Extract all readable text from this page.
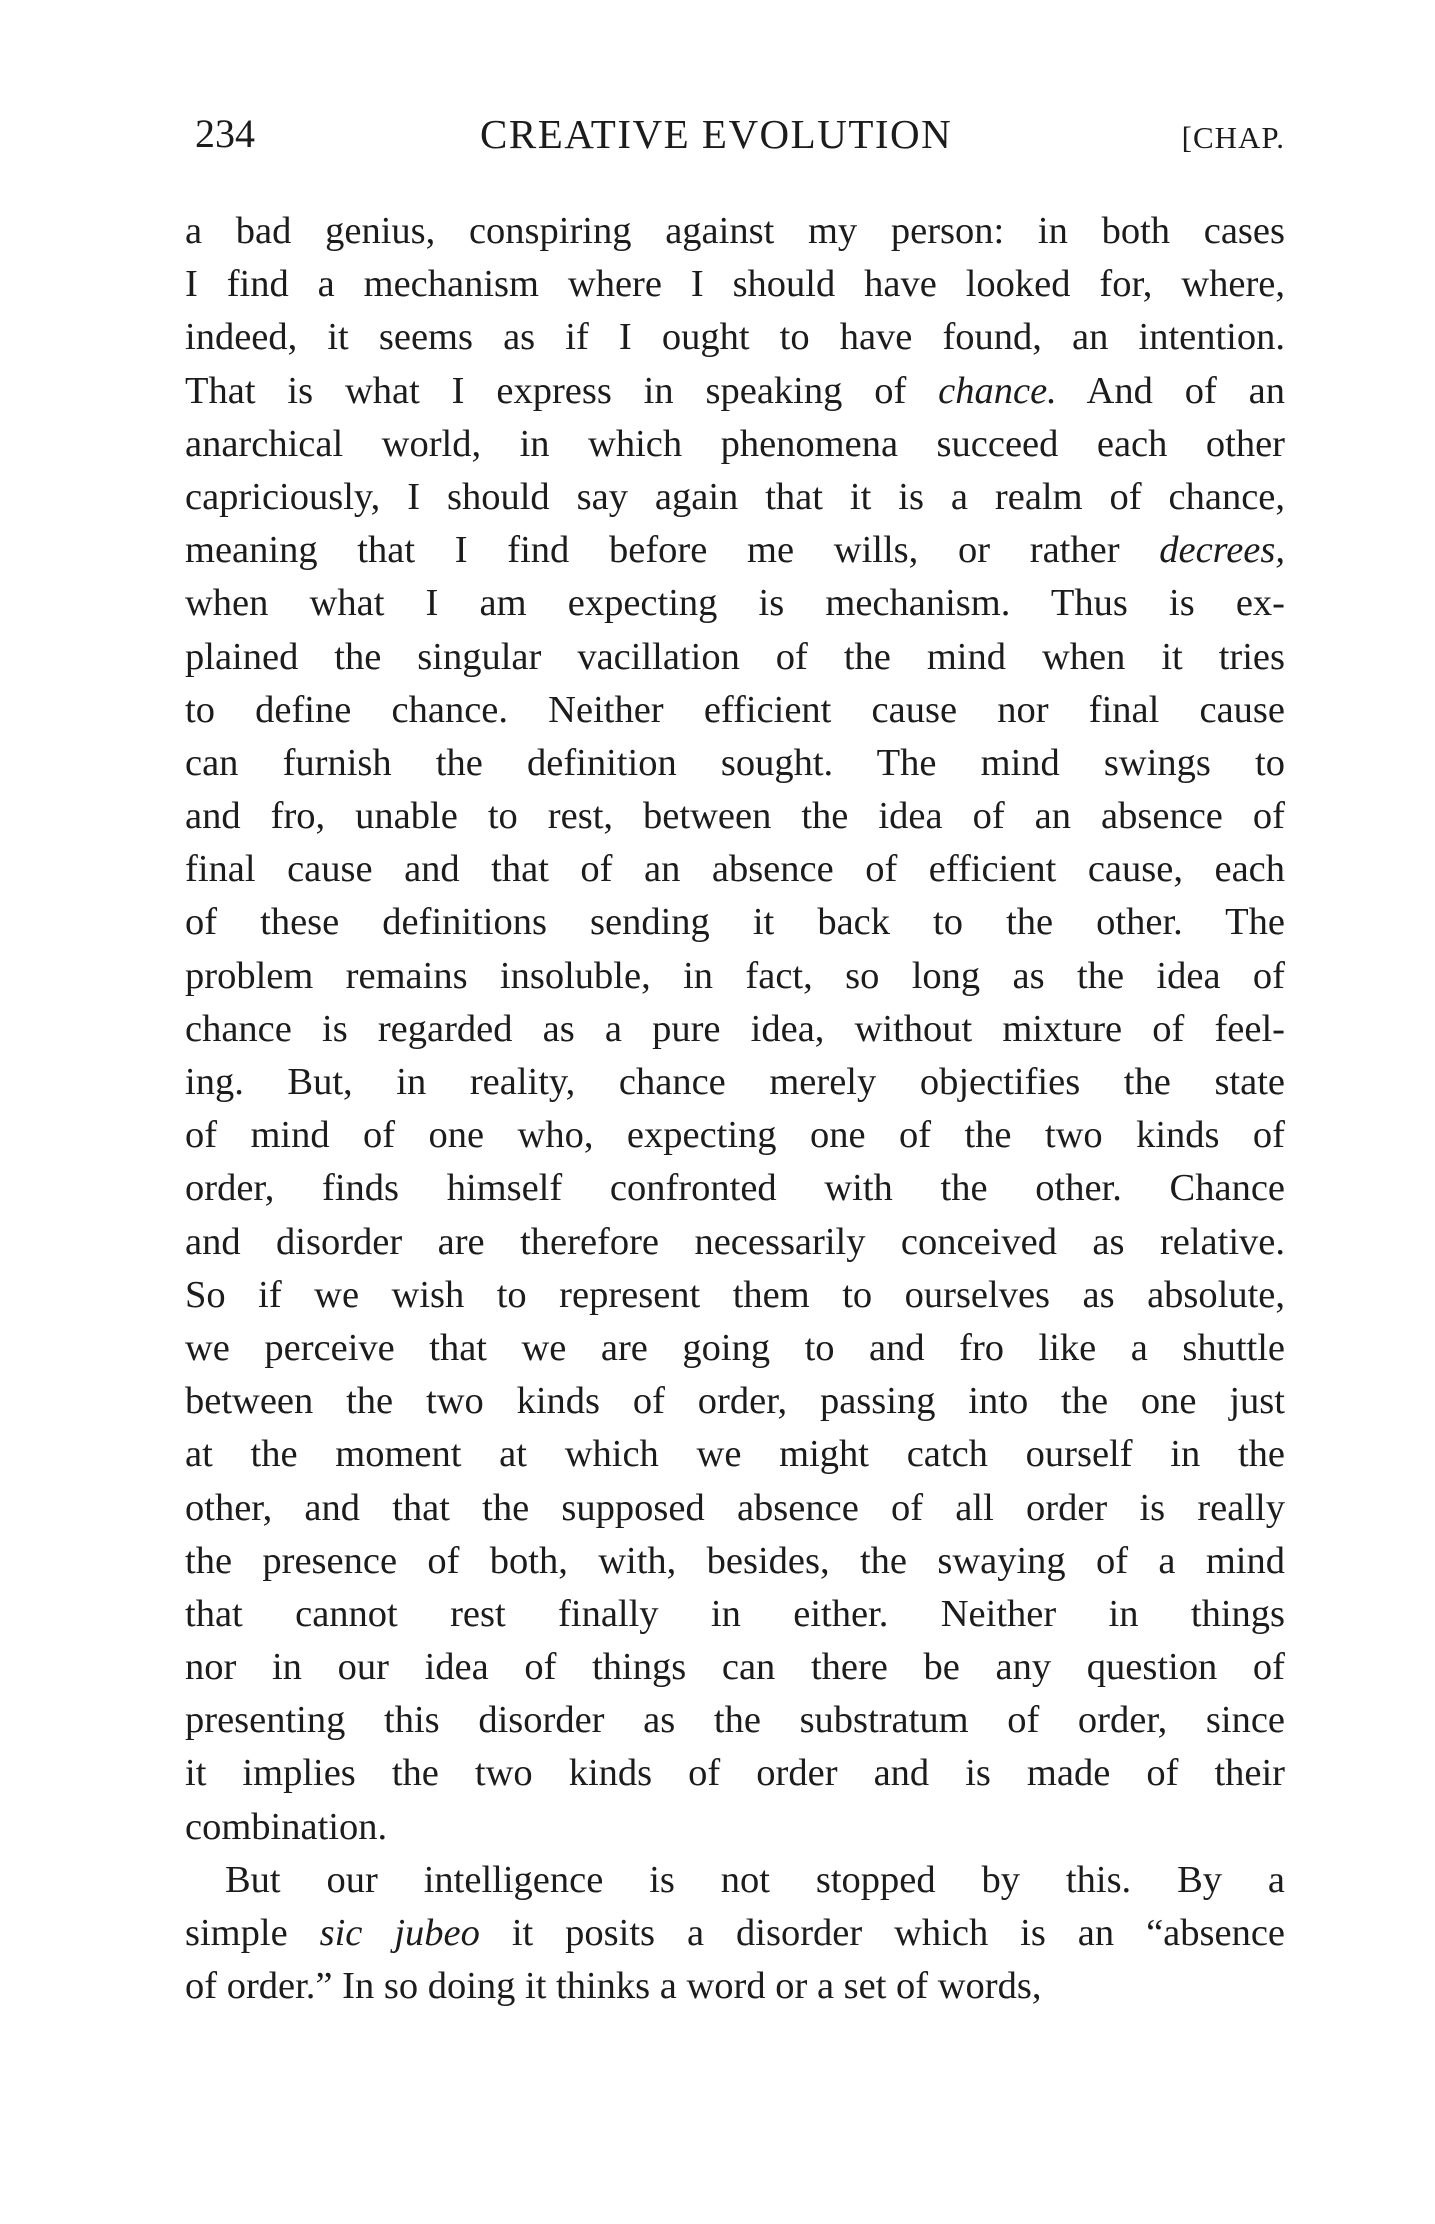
234	CREATIVE EVOLUTION	[CHAP.
a bad genius, conspiring against my person: in both cases
I find a mechanism where I should have looked for, where,
indeed, it seems as if I ought to have found, an intention.
That is what I express in speaking of chance. And of an
anarchical world, in which phenomena succeed each other
capriciously, I should say again that it is a realm of chance,
meaning that I find before me wills, or rather decrees,
when what I am expecting is mechanism. Thus is ex-
plained the singular vacillation of the mind when it tries
to define chance. Neither efficient cause nor final cause
can furnish the definition sought. The mind swings to
and fro, unable to rest, between the idea of an absence of
final cause and that of an absence of efficient cause, each
of these definitions sending it back to the other. The
problem remains insoluble, in fact, so long as the idea of
chance is regarded as a pure idea, without mixture of feel-
ing. But, in reality, chance merely objectifies the state
of mind of one who, expecting one of the two kinds of
order, finds himself confronted with the other. Chance
and disorder are therefore necessarily conceived as relative.
So if we wish to represent them to ourselves as absolute,
we perceive that we are going to and fro like a shuttle
between the two kinds of order, passing into the one just
at the moment at which we might catch ourself in the
other, and that the supposed absence of all order is really
the presence of both, with, besides, the swaying of a mind
that cannot rest finally in either. Neither in things
nor in our idea of things can there be any question of
presenting this disorder as the substratum of order, since
it implies the two kinds of order and is made of their
combination.
But our intelligence is not stopped by this. By a
simple sic jubeo it posits a disorder which is an “absence
of order.” In so doing it thinks a word or a set of words,
